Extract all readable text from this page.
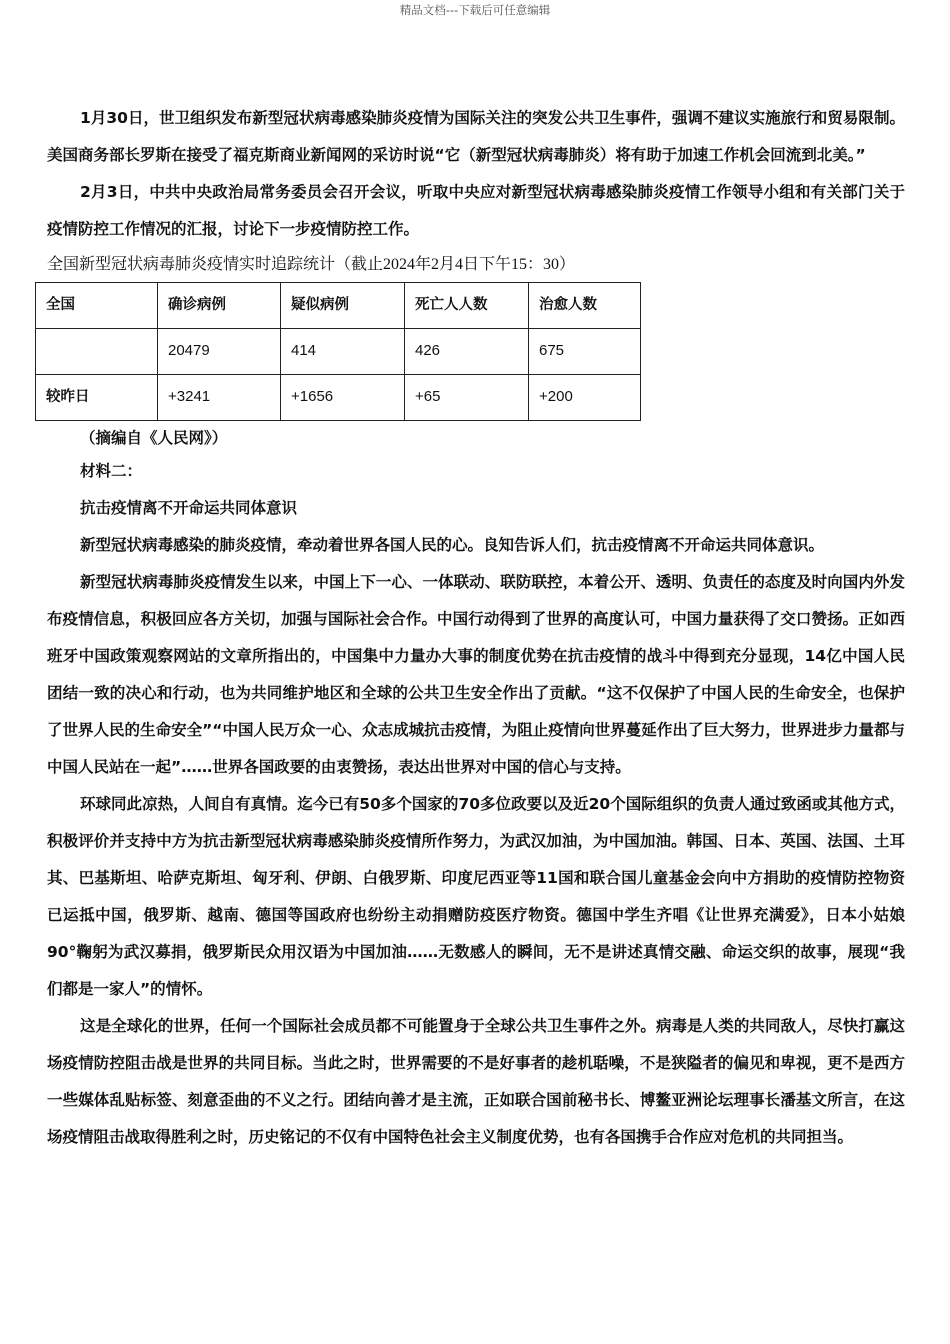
精品文档---下载后可任意编辑

1月30日，世卫组织发布新型冠状病毒感染肺炎疫情为国际关注的突发公共卫生事件，强调不建议实施旅行和贸易限制。美国商务部长罗斯在接受了福克斯商业新闻网的采访时说“它（新型冠状病毒肺炎）将有助于加速工作机会回流到北美。”

2月3日，中共中央政治局常务委员会召开会议，听取中央应对新型冠状病毒感染肺炎疫情工作领导小组和有关部门关于疫情防控工作情况的汇报，讨论下一步疫情防控工作。

全国新型冠状病毒肺炎疫情实时追踪统计（截止2024年2月4日下午15：30）

全国	确诊病例	疑似病例	死亡人人数	治愈人数
	20479	414	426	675
较昨日	+3241	+1656	+65	+200

（摘编自《人民网》）

材料二：

抗击疫情离不开命运共同体意识

新型冠状病毒感染的肺炎疫情，牵动着世界各国人民的心。良知告诉人们，抗击疫情离不开命运共同体意识。

新型冠状病毒肺炎疫情发生以来，中国上下一心、一体联动、联防联控，本着公开、透明、负责任的态度及时向国内外发布疫情信息，积极回应各方关切，加强与国际社会合作。中国行动得到了世界的高度认可，中国力量获得了交口赞扬。正如西班牙中国政策观察网站的文章所指出的，中国集中力量办大事的制度优势在抗击疫情的战斗中得到充分显现，14亿中国人民团结一致的决心和行动，也为共同维护地区和全球的公共卫生安全作出了贡献。“这不仅保护了中国人民的生命安全，也保护了世界人民的生命安全”“中国人民万众一心、众志成城抗击疫情，为阻止疫情向世界蔓延作出了巨大努力，世界进步力量都与中国人民站在一起”……世界各国政要的由衷赞扬，表达出世界对中国的信心与支持。

环球同此凉热，人间自有真情。迄今已有50多个国家的70多位政要以及近20个国际组织的负责人通过致函或其他方式，积极评价并支持中方为抗击新型冠状病毒感染肺炎疫情所作努力，为武汉加油，为中国加油。韩国、日本、英国、法国、土耳其、巴基斯坦、哈萨克斯坦、匈牙利、伊朗、白俄罗斯、印度尼西亚等11国和联合国儿童基金会向中方捐助的疫情防控物资已运抵中国，俄罗斯、越南、德国等国政府也纷纷主动捐赠防疫医疗物资。德国中学生齐唱《让世界充满爱》，日本小姑娘90°鞠躬为武汉募捐，俄罗斯民众用汉语为中国加油……无数感人的瞬间，无不是讲述真情交融、命运交织的故事，展现“我们都是一家人”的情怀。

这是全球化的世界，任何一个国际社会成员都不可能置身于全球公共卫生事件之外。病毒是人类的共同敌人，尽快打赢这场疫情防控阻击战是世界的共同目标。当此之时，世界需要的不是好事者的趁机聒噪，不是狭隘者的偏见和卑视，更不是西方一些媒体乱贴标签、刻意歪曲的不义之行。团结向善才是主流，正如联合国前秘书长、博鳌亚洲论坛理事长潘基文所言，在这场疫情阻击战取得胜利之时，历史铭记的不仅有中国特色社会主义制度优势，也有各国携手合作应对危机的共同担当。
